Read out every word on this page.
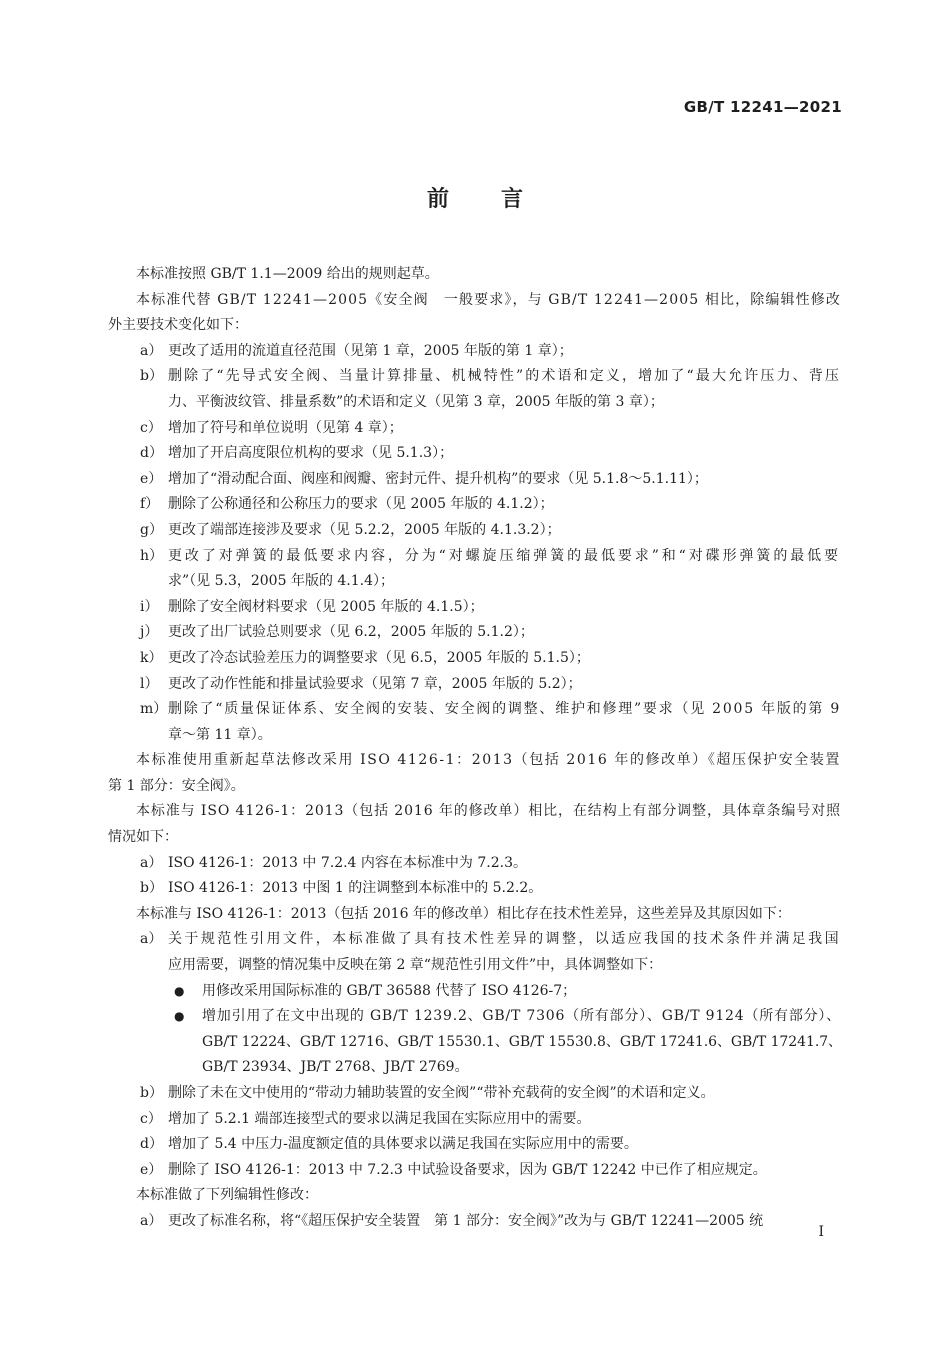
GB/T 12241—2021
前言
本标准按照 GB/T 1.1—2009 给出的规则起草。
本标准代替 GB/T 12241—2005《安全阀　一般要求》，与 GB/T 12241—2005 相比，除编辑性修改
外主要技术变化如下：
a） 更改了适用的流道直径范围（见第 1 章，2005 年版的第 1 章）；
b） 删除了“先导式安全阀、当量计算排量、机械特性”的术语和定义，增加了“最大允许压力、背压
力、平衡波纹管、排量系数”的术语和定义（见第 3 章，2005 年版的第 3 章）；
c） 增加了符号和单位说明（见第 4 章）；
d） 增加了开启高度限位机构的要求（见 5.1.3）；
e） 增加了“滑动配合面、阀座和阀瓣、密封元件、提升机构”的要求（见 5.1.8～5.1.11）；
f） 删除了公称通径和公称压力的要求（见 2005 年版的 4.1.2）；
g） 更改了端部连接涉及要求（见 5.2.2，2005 年版的 4.1.3.2）；
h） 更改了对弹簧的最低要求内容，分为“对螺旋压缩弹簧的最低要求”和“对碟形弹簧的最低要
求”（见 5.3，2005 年版的 4.1.4）；
i） 删除了安全阀材料要求（见 2005 年版的 4.1.5）；
j） 更改了出厂试验总则要求（见 6.2，2005 年版的 5.1.2）；
k） 更改了冷态试验差压力的调整要求（见 6.5，2005 年版的 5.1.5）；
l） 更改了动作性能和排量试验要求（见第 7 章，2005 年版的 5.2）；
m） 删除了“质量保证体系、安全阀的安装、安全阀的调整、维护和修理”要求（见 2005 年版的第 9
章～第 11 章）。
本标准使用重新起草法修改采用 ISO 4126-1：2013（包括 2016 年的修改单）《超压保护安全装置
第 1 部分：安全阀》。
本标准与 ISO 4126-1：2013（包括 2016 年的修改单）相比，在结构上有部分调整，具体章条编号对照
情况如下：
a） ISO 4126-1：2013 中 7.2.4 内容在本标准中为 7.2.3。
b） ISO 4126-1：2013 中图 1 的注调整到本标准中的 5.2.2。
本标准与 ISO 4126-1：2013（包括 2016 年的修改单）相比存在技术性差异，这些差异及其原因如下：
a） 关于规范性引用文件，本标准做了具有技术性差异的调整，以适应我国的技术条件并满足我国
应用需要，调整的情况集中反映在第 2 章“规范性引用文件”中，具体调整如下：
● 用修改采用国际标准的 GB/T 36588 代替了 ISO 4126-7；
● 增加引用了在文中出现的 GB/T 1239.2、GB/T 7306（所有部分）、GB/T 9124（所有部分）、
GB/T 12224、GB/T 12716、GB/T 15530.1、GB/T 15530.8、GB/T 17241.6、GB/T 17241.7、
GB/T 23934、JB/T 2768、JB/T 2769。
b） 删除了未在文中使用的“带动力辅助装置的安全阀”“带补充载荷的安全阀”的术语和定义。
c） 增加了 5.2.1 端部连接型式的要求以满足我国在实际应用中的需要。
d） 增加了 5.4 中压力-温度额定值的具体要求以满足我国在实际应用中的需要。
e） 删除了 ISO 4126-1：2013 中 7.2.3 中试验设备要求，因为 GB/T 12242 中已作了相应规定。
本标准做了下列编辑性修改：
a） 更改了标准名称，将“《超压保护安全装置　第 1 部分：安全阀》”改为与 GB/T 12241—2005 统
I
